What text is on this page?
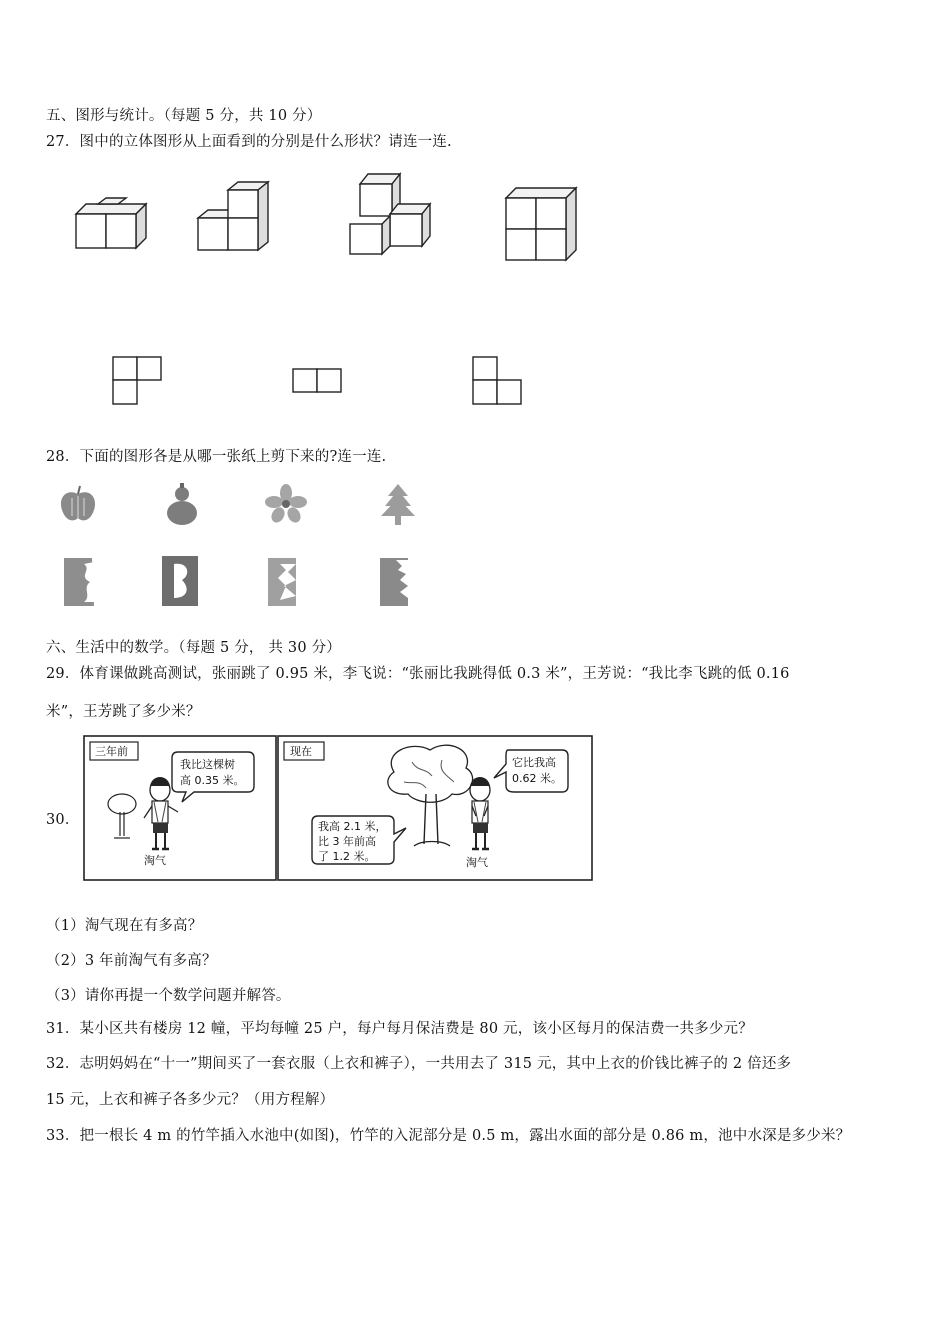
五、图形与统计。（每题 5 分，共 10 分）
27．图中的立体图形从上面看到的分别是什么形状？请连一连.
28．下面的图形各是从哪一张纸上剪下来的?连一连.
六、生活中的数学。（每题 5 分， 共 30 分）
29．体育课做跳高测试，张丽跳了 0.95 米，李飞说：“张丽比我跳得低 0.3 米”，王芳说：“我比李飞跳的低 0.16
米”，王芳跳了多少米？
30．
三年前
淘气
我比这棵树
高 0.35 米。
现在
淘气
它比我高
0.62 米。
我高 2.1 米，
比 3 年前高
了 1.2 米。
（1）淘气现在有多高？
（2）3 年前淘气有多高？
（3）请你再提一个数学问题并解答。
31．某小区共有楼房 12 幢，平均每幢 25 户，每户每月保洁费是 80 元，该小区每月的保洁费一共多少元？
32．志明妈妈在“十一”期间买了一套衣服（上衣和裤子），一共用去了 315 元，其中上衣的价钱比裤子的 2 倍还多
15 元，上衣和裤子各多少元？（用方程解）
33．把一根长 4 m 的竹竿插入水池中(如图)，竹竿的入泥部分是 0.5 m，露出水面的部分是 0.86 m，池中水深是多少米？
